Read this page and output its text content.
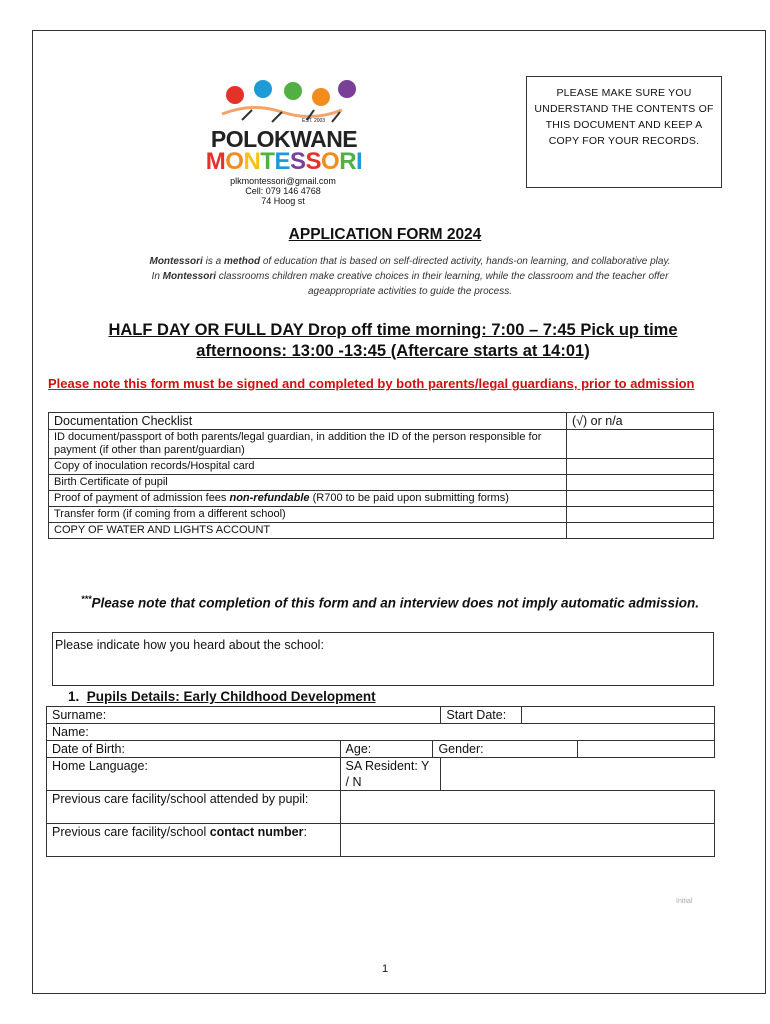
EST. 2003
POLOKWANE
MONTESSORI
plkmontessori@gmail.com
Cell: 079 146 4768
74 Hoog st
PLEASE MAKE SURE YOU UNDERSTAND THE CONTENTS OF THIS DOCUMENT AND KEEP A COPY FOR YOUR RECORDS.
APPLICATION FORM 2024
Montessori is a method of education that is based on self-directed activity, hands-on learning, and collaborative play.
In Montessori classrooms children make creative choices in their learning, while the classroom and the teacher offer
ageappropriate activities to guide the process.
HALF DAY OR FULL DAY Drop off time morning: 7:00 – 7:45 Pick up time
afternoons: 13:00 -13:45 (Aftercare starts at 14:01)
Please note this form must be signed and completed by both parents/legal guardians, prior to admission
Documentation Checklist	(√) or n/a
ID document/passport of both parents/legal guardian, in addition the ID of the person responsible for payment (if other than parent/guardian)	
Copy of inoculation records/Hospital card	
Birth Certificate of pupil	
Proof of payment of admission fees non-refundable (R700 to be paid upon submitting forms)	
Transfer form (if coming from a different school)	
COPY OF WATER AND LIGHTS ACCOUNT	
***Please note that completion of this form and an interview does not imply automatic admission.
Please indicate how you heard about the school:
1. Pupils Details: Early Childhood Development
Surname:			Start Date:		
Name:					
Date of Birth:	Age:	Gender:			
Home Language:	SA Resident: Y / N				
Previous care facility/school attended by pupil:					
Previous care facility/school contact number:					
Initial
1
